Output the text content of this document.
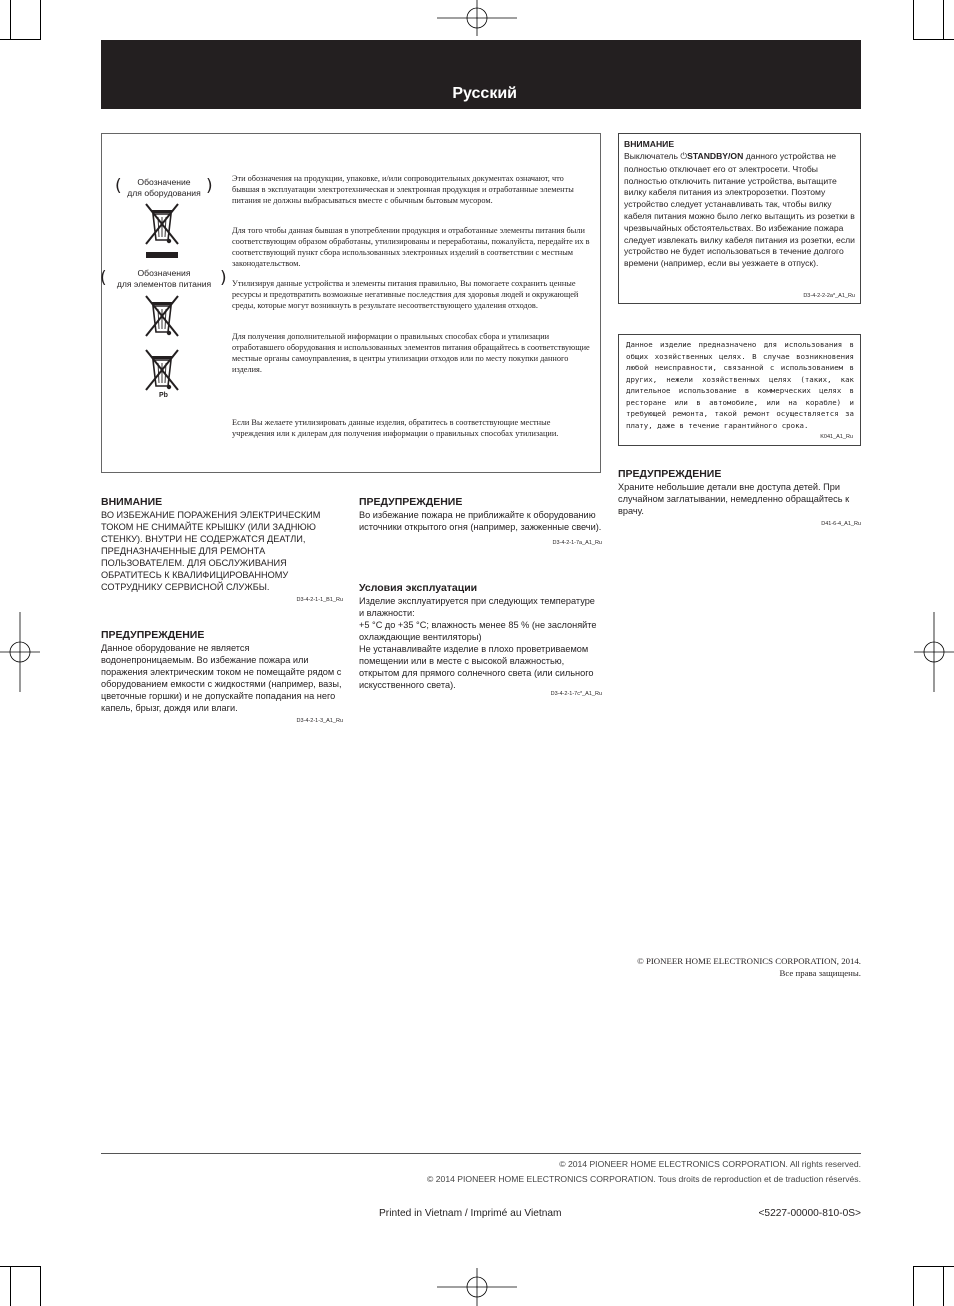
Русский
(	Обозначение
для оборудования )
(	Обозначения
для элементов питания )
Pb
Эти обозначения на продукции, упаковке, и/или сопроводительных документах означают, что бывшая в эксплуатации электротехническая и электронная продукция и отработанные элементы питания не должны выбрасываться вместе с обычным бытовым мусором.
Для того чтобы данная бывшая в употреблении продукция и отработанные элементы питания были соответствующим образом обработаны, утилизированы и переработаны, пожалуйста, передайте их в соответствующий пункт сбора использованных электронных изделий в соответствии с местным законодательством.
Утилизируя данные устройства и элементы питания правильно, Вы помогаете сохранить ценные ресурсы и предотвратить возможные негативные последствия для здоровья людей и окружающей среды, которые могут возникнуть в результате несоответствующего удаления отходов.
Для получения дополнительной информации о правильных способах сбора и утилизации отработавшего оборудования и использованных элементов питания обращайтесь в соответствующие местные органы самоуправления, в центры утилизации отходов или по месту покупки данного изделия.
Если Вы желаете утилизировать данные изделия, обратитесь в соответствующие местные учреждения или к дилерам для получения информации о правильных способах утилизации.
ВНИМАНИЕ
Выключатель ⏻STANDBY/ON данного устройства не полностью отключает его от электросети. Чтобы полностью отключить питание устройства, вытащите вилку кабеля питания из электророзетки. Поэтому устройство следует устанавливать так, чтобы вилку кабеля питания можно было легко вытащить из розетки в чрезвычайных обстоятельствах. Во избежание пожара следует извлекать вилку кабеля питания из розетки, если устройство не будет использоваться в течение долгого времени (например, если вы уезжаете в отпуск).
D3-4-2-2-2a*_A1_Ru
Данное изделие предназначено для использования в общих хозяйственных целях. В случае возникновения любой неисправности, связанной с использованием в других, нежели хозяйственных целях (таких, как длительное использование в коммерческих целях в ресторане или в автомобиле, или на корабле) и требующей ремонта, такой ремонт осуществляется за плату, даже в течение гарантийного срока.
K041_A1_Ru
ПРЕДУПРЕЖДЕНИЕ
Храните небольшие детали вне доступа детей. При случайном заглатывании, немедленно обращайтесь к врачу.
D41-6-4_A1_Ru
ВНИМАНИЕ
ВО ИЗБЕЖАНИЕ ПОРАЖЕНИЯ ЭЛЕКТРИЧЕСКИМ ТОКОМ НЕ СНИМАЙТЕ КРЫШКУ (ИЛИ ЗАДНЮЮ СТЕНКУ). ВНУТРИ НЕ СОДЕРЖАТСЯ ДЕАТЛИ, ПРЕДНАЗНАЧЕННЫЕ ДЛЯ РЕМОНТА ПОЛЬЗОВАТЕЛЕМ. ДЛЯ ОБСЛУЖИВАНИЯ ОБРАТИТЕСЬ К КВАЛИФИЦИРОВАННОМУ СОТРУДНИКУ СЕРВИСНОЙ СЛУЖБЫ.
D3-4-2-1-1_B1_Ru
ПРЕДУПРЕЖДЕНИЕ
Данное оборудование не является водонепроницаемым. Во избежание пожара или поражения электрическим током не помещайте рядом с оборудованием емкости с жидкостями (например, вазы, цветочные горшки) и не допускайте попадания на него капель, брызг, дождя или влаги.
D3-4-2-1-3_A1_Ru
ПРЕДУПРЕЖДЕНИЕ
Во избежание пожара не приближайте к оборудованию источники открытого огня (например, зажженные свечи).
D3-4-2-1-7a_A1_Ru
Условия эксплуатации
Изделие эксплуатируется при следующих температуре и влажности:
+5 °C до +35 °C; влажность менее 85 % (не заслоняйте охлаждающие вентиляторы)
Не устанавливайте изделие в плохо проветриваемом помещении или в месте с высокой влажностью, открытом для прямого солнечного света (или сильного искусственного света).
D3-4-2-1-7c*_A1_Ru
© PIONEER HOME ELECTRONICS CORPORATION, 2014.
Все права защищены.
© 2014 PIONEER HOME ELECTRONICS CORPORATION. All rights reserved.
© 2014 PIONEER HOME ELECTRONICS CORPORATION. Tous droits de reproduction et de traduction réservés.
Printed in Vietnam / Imprimé au Vietnam	<5227-00000-810-0S>
